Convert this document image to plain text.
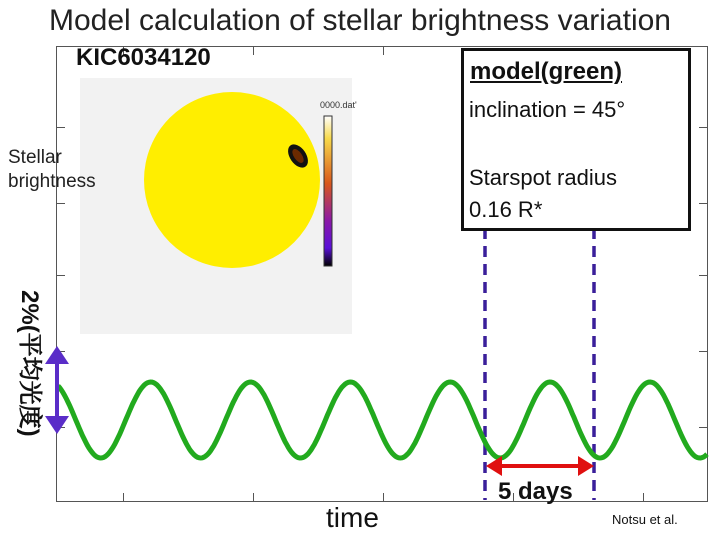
Model calculation of stellar brightness variation
0000.dat'
KIC6034120
Stellar
brightness
model(green)
inclination = 45°
Starspot radius
0.16 R*
2%(平均光度)
time
5 days
Notsu et al.
